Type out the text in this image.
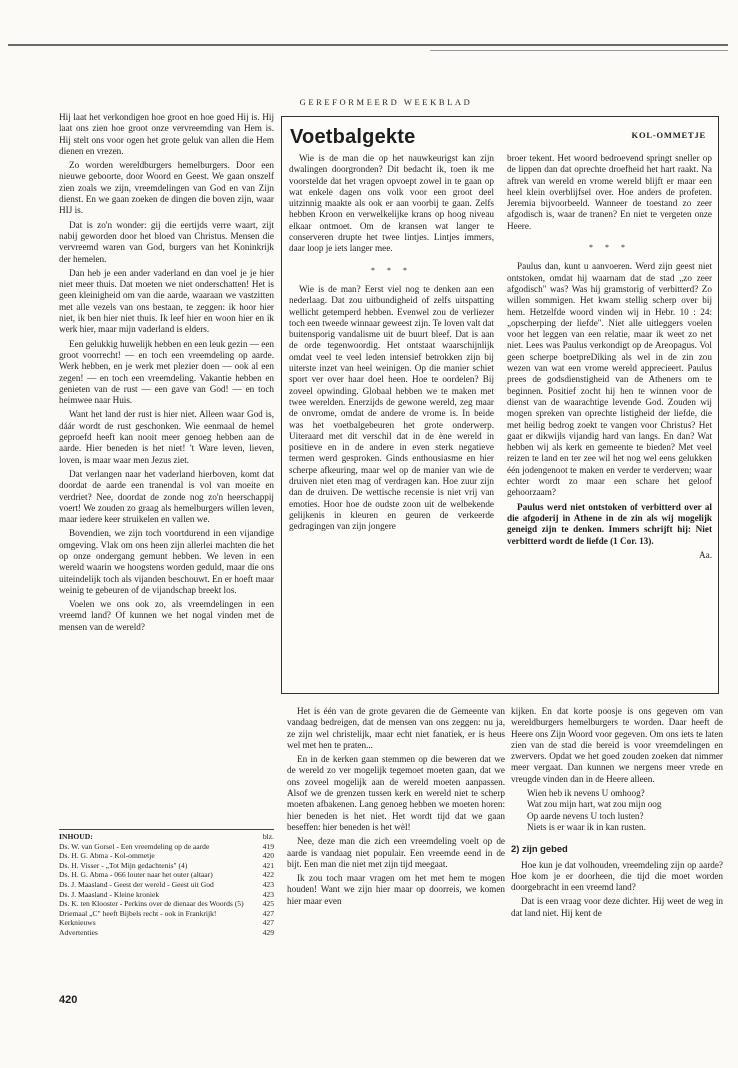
GEREFORMEERD WEEKBLAD

Hij laat het verkondigen hoe groot en hoe goed Hij is. Hij laat ons zien hoe groot onze vervreemding van Hem is. Hij stelt ons voor ogen het grote geluk van allen die Hem dienen en vrezen.

Zo worden wereldburgers hemelburgers. Door een nieuwe geboorte, door Woord en Geest. We gaan onszelf zien zoals we zijn, vreemdelingen van God en van Zijn dienst. En we gaan zoeken de dingen die boven zijn, waar HIJ is.

Dat is zo'n wonder: gij die eertijds verre waart, zijt nabij geworden door het bloed van Christus. Mensen die vervreemd waren van God, burgers van het Koninkrijk der hemelen.

Dan heb je een ander vaderland en dan voel je je hier niet meer thuis. Dat moeten we niet onderschatten! Het is geen kleinigheid om van die aarde, waaraan we vastzitten met alle vezels van ons bestaan, te zeggen: ik hoor hier niet, ik ben hier niet thuis. Ik leef hier en woon hier en ik werk hier, maar mijn vaderland is elders.

Een gelukkig huwelijk hebben en een leuk gezin — een groot voorrecht! — en toch een vreemdeling op aarde. Werk hebben, en je werk met plezier doen — ook al een zegen! — en toch een vreemdeling. Vakantie hebben en genieten van de rust — een gave van God! — en toch heimwee naar Huis.

Want het land der rust is hier niet. Alleen waar God is, dáár wordt de rust geschonken. Wie eenmaal de hemel geproefd heeft kan nooit meer genoeg hebben aan de aarde. Hier beneden is het niet! 't Ware leven, lieven, loven, is maar waar men Jezus ziet.

Dat verlangen naar het vaderland hierboven, komt dat doordat de aarde een tranendal is vol van moeite en verdriet? Nee, doordat de zonde nog zo'n heerschappij voert! We zouden zo graag als hemelburgers willen leven, maar iedere keer struikelen en vallen we.

Bovendien, we zijn toch voortdurend in een vijandige omgeving. Vlak om ons heen zijn allerlei machten die het op onze ondergang gemunt hebben. We leven in een wereld waarin we hoogstens worden geduld, maar die ons uiteindelijk toch als vijanden beschouwt. En er hoeft maar weinig te gebeuren of de vijandschap breekt los.

Voelen we ons ook zo, als vreemdelingen in een vreemd land? Of kunnen we het nogal vinden met de mensen van de wereld?

Voetbalgekte	KOL-OMMETJE

Wie is de man die op het nauwkeurigst kan zijn dwalingen doorgronden? Dit bedacht ik, toen ik me voorstelde dat het vragen opvoept zowel in te gaan op wat enkele dagen ons volk voor een groot deel uitzinnig maakte als ook er aan voorbij te gaan. Zelfs hebben Kroon en verwelkelijke krans op hoog niveau elkaar ontmoet. Om de kransen wat langer te conserveren drupte het twee lintjes. Lintjes immers, daar loop je iets langer mee.

* * *

Wie is de man? Eerst viel nog te denken aan een nederlaag. Dat zou uitbundigheid of zelfs uitspatting wellicht getemperd hebben. Evenwel zou de verliezer toch een tweede winnaar geweest zijn. Te loven valt dat buitensporig vandalisme uit de buurt bleef. Dat is aan de orde tegenwoordig. Het ontstaat waarschijnlijk omdat veel te veel leden intensief betrokken zijn bij uiterste inzet van heel weinigen. Op die manier schiet sport ver over haar doel heen. Hoe te oordelen? Bij zoveel opwinding. Globaal hebben we te maken met twee werelden. Enerzijds de gewone wereld, zeg maar de onvrome, omdat de andere de vrome is. In beide was het voetbalgebeuren het grote onderwerp. Uiteraard met dit verschil dat in de ène wereld in positieve en in de andere in even sterk negatieve termen werd gesproken. Ginds enthousiasme en hier scherpe afkeuring, maar wel op de manier van wie de druiven niet eten mag of verdragen kan. Hoe zuur zijn dan de druiven. De wettische recensie is niet vrij van emoties. Hoor hoe de oudste zoon uit de welbekende gelijkenis in kleuren en geuren de verkeerde gedragingen van zijn jongere

broer tekent. Het woord bedroevend springt sneller op de lippen dan dat oprechte droefheid het hart raakt. Na aftrek van wereld en vrome wereld blijft er maar een heel klein overblijfsel over. Hoe anders de profeten. Jeremia bijvoorbeeld. Wanneer de toestand zo zeer afgodisch is, waar de tranen? En niet te vergeten onze Heere.

* * *

Paulus dan, kunt u aanvoeren. Werd zijn geest niet ontstoken, omdat hij waarnam dat de stad „zo zeer afgodisch" was? Was hij gramstorig of verbitterd? Zo willen sommigen. Het kwam stellig scherp over bij hem. Hetzelfde woord vinden wij in Hebr. 10 : 24: „opscherping der liefde". Niet alle uitleggers voelen voor het leggen van een relatie, maar ik weet zo net niet. Lees was Paulus verkondigt op de Areopagus. Vol geen scherpe boetpreDiking als wel in de zin zou wezen van wat een vrome wereld apprecieert. Paulus prees de godsdienstigheid van de Atheners om te beginnen. Positief zocht hij hen te winnen voor de dienst van de waarachtige levende God. Zouden wij mogen spreken van oprechte listigheid der liefde, die met heilig bedrog zoekt te vangen voor Christus? Het gaat er dikwijls vijandig hard van langs. En dan? Wat hebben wij als kerk en gemeente te bieden? Met veel reizen te land en ter zee wil het nog wel eens gelukken één jodengenoot te maken en verder te verderven; waar echter wordt zo maar een schare het geloof gehoorzaam?

Paulus werd niet ontstoken of verbitterd over al die afgoderij in Athene in de zin als wij mogelijk geneigd zijn te denken. Immers schrijft hij: Niet verbitterd wordt de liefde (1 Cor. 13).

Aa.

Het is één van de grote gevaren die de Gemeente van vandaag bedreigen, dat de mensen van ons zeggen: nu ja, ze zijn wel christelijk, maar echt niet fanatiek, er is heus wel met hen te praten...

En in de kerken gaan stemmen op die beweren dat we de wereld zo ver mogelijk tegemoet moeten gaan, dat we ons zoveel mogelijk aan de wereld moeten aanpassen. Alsof we de grenzen tussen kerk en wereld niet te scherp moeten afbakenen. Lang genoeg hebben we moeten horen: hier beneden is het niet. Het wordt tijd dat we gaan beseffen: hier beneden is het wèl!

Nee, deze man die zich een vreemdeling voelt op de aarde is vandaag niet populair. Een vreemde eend in de bijt. Een man die niet met zijn tijd meegaat.

Ik zou toch maar vragen om het met hem te mogen houden! Want we zijn hier maar op doorreis, we komen hier maar even

kijken. En dat korte poosje is ons gegeven om van wereldburgers hemelburgers te worden. Daar heeft de Heere ons Zijn Woord voor gegeven. Om ons iets te laten zien van de stad die bereid is voor vreemdelingen en zwervers. Opdat we het goed zouden zoeken dat nimmer meer vergaat. Dan kunnen we nergens meer vrede en vreugde vinden dan in de Heere alleen.

Wien heb ik nevens U omhoog?
Wat zou mijn hart, wat zou mijn oog
Op aarde nevens U toch lusten?
Niets is er waar ik in kan rusten.

2) zijn gebed

Hoe kun je dat volhouden, vreemdeling zijn op aarde? Hoe kom je er doorheen, die tijd die moet worden doorgebracht in een vreemd land?

Dat is een vraag voor deze dichter. Hij weet de weg in dat land niet. Hij kent de

INHOUD:	blz.
Ds. W. van Gorsel - Een vreemdeling op de aarde	419
Ds. H. G. Abma - Kol-ommetje	420
Ds. H. Visser - „Tot Mijn gedachtenis" (4)	421
Ds. H. G. Abma - 066 louter naar het outer (altaar)	422
Ds. J. Maasland - Geest der wereld - Geest uit God	423
Ds. J. Maasland - Kleine kroniek	423
Ds. K. ten Klooster - Perkins over de dienaar des Woords (5)	425
Driemaal „C" heeft Bijbels recht - ook in Frankrijk!	427
Kerknieuws	427
Advertenties	429
420
